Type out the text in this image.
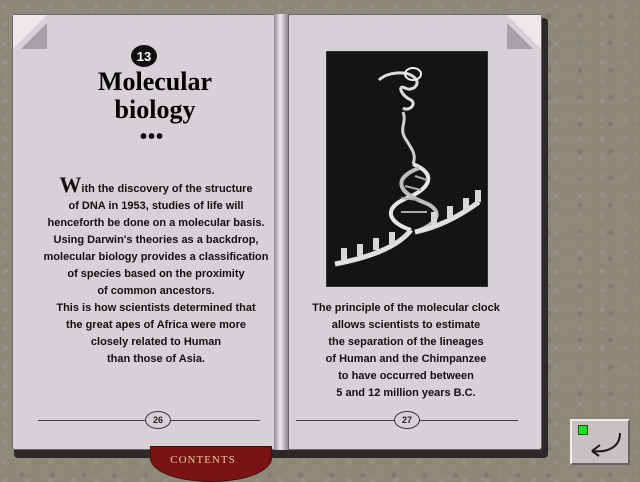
13
Molecular biology
•••
With the discovery of the structure
of DNA in 1953, studies of life will
henceforth be done on a molecular basis.
Using Darwin's theories as a backdrop,
molecular biology provides a classification
of species based on the proximity
of common ancestors.
This is how scientists determined that
the great apes of Africa were more
closely related to Human
than those of Asia.
The principle of the molecular clock
allows scientists to estimate
the separation of the lineages
of Human and the Chimpanzee
to have occurred between
5 and 12 million years B.C.
26	27
CONTENTS
